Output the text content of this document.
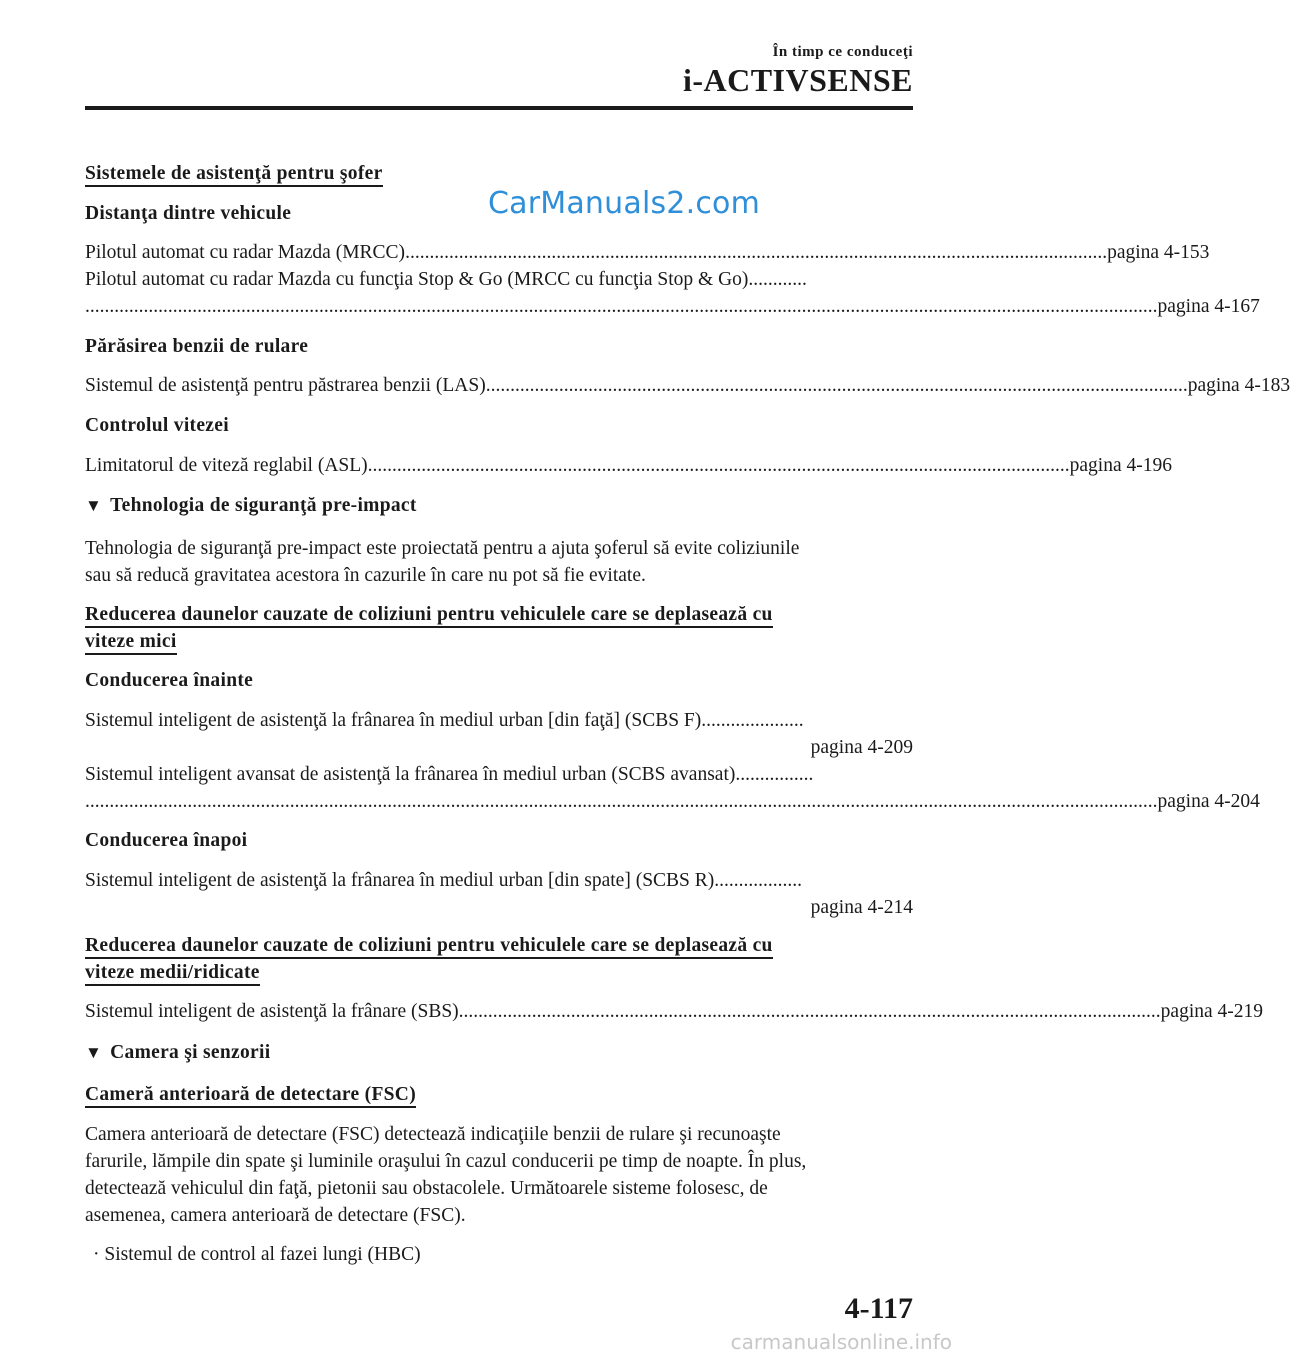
În timp ce conduceţi
i-ACTIVSENSE
CarManuals2.com
Sistemele de asistenţă pentru şofer
Distanţa dintre vehicule
Pilotul automat cu radar Mazda (MRCC) ................................................................................................................................................ pagina 4-153
Pilotul automat cu radar Mazda cu funcţia Stop & Go (MRCC cu funcţia Stop & Go)............
............................................................................................................................................................................................................................ pagina 4-167
Părăsirea benzii de rulare
Sistemul de asistenţă pentru păstrarea benzii (LAS) ................................................................................................................................................ pagina 4-183
Controlul vitezei
Limitatorul de viteză reglabil (ASL) ................................................................................................................................................ pagina 4-196
▼ Tehnologia de siguranţă pre-impact
Tehnologia de siguranţă pre-impact este proiectată pentru a ajuta şoferul să evite coliziunile
sau să reducă gravitatea acestora în cazurile în care nu pot să fie evitate.
Reducerea daunelor cauzate de coliziuni pentru vehiculele care se deplasează cu
viteze mici
Conducerea înainte
Sistemul inteligent de asistenţă la frânarea în mediul urban [din faţă] (SCBS F).....................
pagina 4-209
Sistemul inteligent avansat de asistenţă la frânarea în mediul urban (SCBS avansat)................
............................................................................................................................................................................................................................ pagina 4-204
Conducerea înapoi
Sistemul inteligent de asistenţă la frânarea în mediul urban [din spate] (SCBS R)..................
pagina 4-214
Reducerea daunelor cauzate de coliziuni pentru vehiculele care se deplasează cu
viteze medii/ridicate
Sistemul inteligent de asistenţă la frânare (SBS) ................................................................................................................................................ pagina 4-219
▼ Camera şi senzorii
Cameră anterioară de detectare (FSC)
Camera anterioară de detectare (FSC) detectează indicaţiile benzii de rulare şi recunoaşte
farurile, lămpile din spate şi luminile oraşului în cazul conducerii pe timp de noapte. În plus,
detectează vehiculul din faţă, pietonii sau obstacolele. Următoarele sisteme folosesc, de
asemenea, camera anterioară de detectare (FSC).
· Sistemul de control al fazei lungi (HBC)
4-117
carmanualsonline.info
